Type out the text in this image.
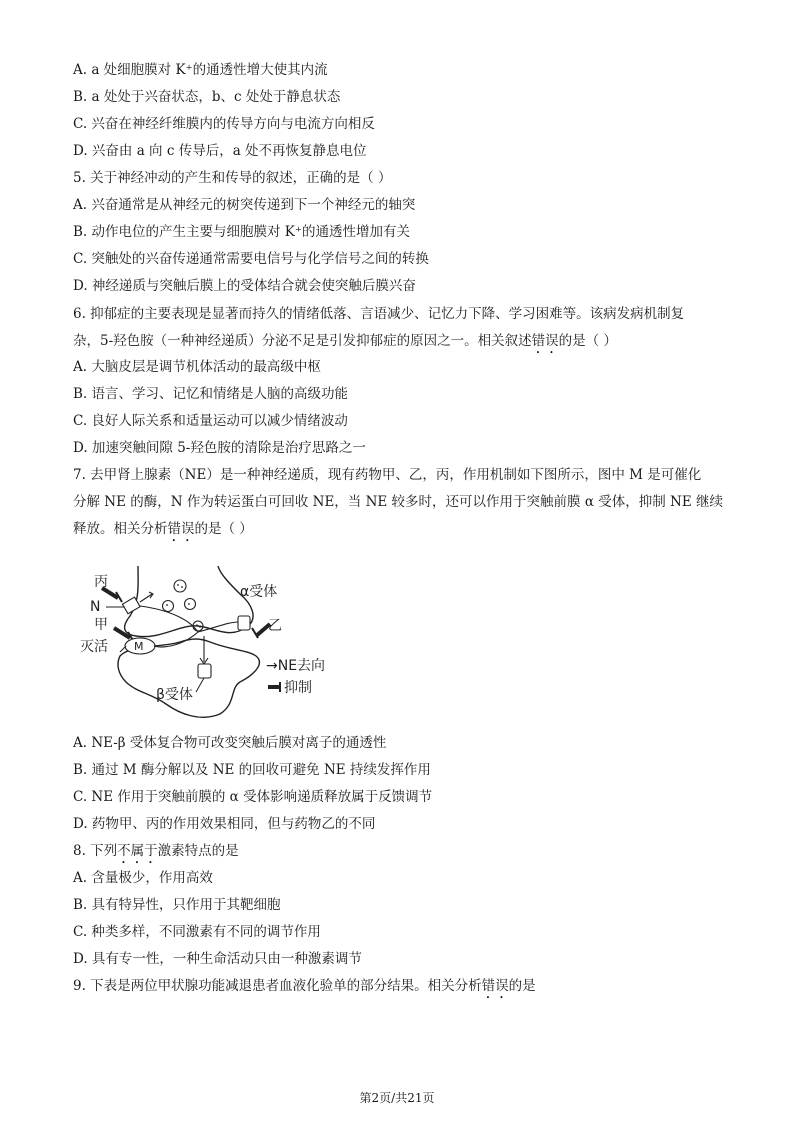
A. a 处细胞膜对 K⁺的通透性增大使其内流
B. a 处处于兴奋状态，b、c 处处于静息状态
C. 兴奋在神经纤维膜内的传导方向与电流方向相反
D. 兴奋由 a 向 c 传导后，a 处不再恢复静息电位
5. 关于神经冲动的产生和传导的叙述，正确的是（ ）
A. 兴奋通常是从神经元的树突传递到下一个神经元的轴突
B. 动作电位的产生主要与细胞膜对 K⁺的通透性增加有关
C. 突触处的兴奋传递通常需要电信号与化学信号之间的转换
D. 神经递质与突触后膜上的受体结合就会使突触后膜兴奋
6. 抑郁症的主要表现是显著而持久的情绪低落、言语减少、记忆力下降、学习困难等。该病发病机制复
杂，5-羟色胺（一种神经递质）分泌不足是引发抑郁症的原因之一。相关叙述错误的是（ ）
A. 大脑皮层是调节机体活动的最高级中枢
B. 语言、学习、记忆和情绪是人脑的高级功能
C. 良好人际关系和适量运动可以减少情绪波动
D. 加速突触间隙 5-羟色胺的清除是治疗思路之一
7. 去甲肾上腺素（NE）是一种神经递质，现有药物甲、乙，丙，作用机制如下图所示，图中 M 是可催化
分解 NE 的酶，N 作为转运蛋白可回收 NE，当 NE 较多时，还可以作用于突触前膜 α 受体，抑制 NE 继续
释放。相关分析错误的是（ ）
M
丙
N
甲
灭活
α受体
乙
β受体
→NE去向
抑制
A. NE-β 受体复合物可改变突触后膜对离子的通透性
B. 通过 M 酶分解以及 NE 的回收可避免 NE 持续发挥作用
C. NE 作用于突触前膜的 α 受体影响递质释放属于反馈调节
D. 药物甲、丙的作用效果相同，但与药物乙的不同
8. 下列不属于激素特点的是
A. 含量极少，作用高效
B. 具有特异性，只作用于其靶细胞
C. 种类多样，不同激素有不同的调节作用
D. 具有专一性，一种生命活动只由一种激素调节
9. 下表是两位甲状腺功能减退患者血液化验单的部分结果。相关分析错误的是
第2页/共21页
